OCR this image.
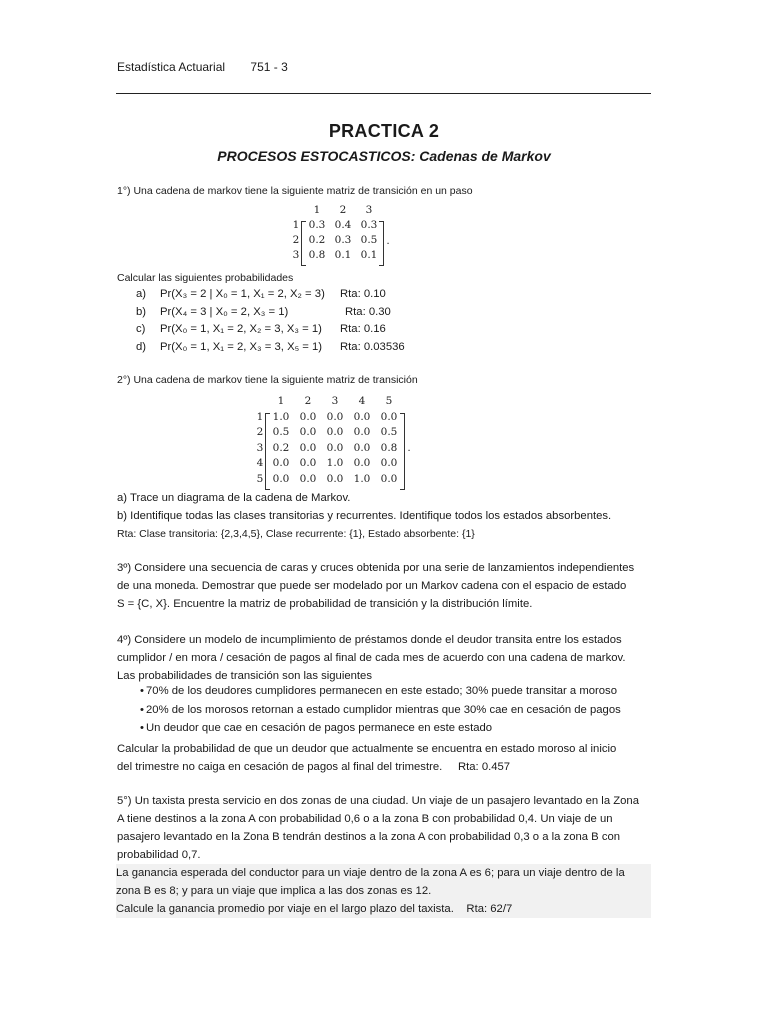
Estadística Actuarial 751 - 3
PRACTICA 2
PROCESOS ESTOCASTICOS: Cadenas de Markov
1°) Una cadena de markov tiene la siguiente matriz de transición en un paso
1	2	3
1 0.3 0.4 0.3
2 0.2 0.3 0.5
3 0.8 0.1 0.1
.
Calcular las siguientes probabilidades
a) Pr(X₃ = 2 | X₀ = 1, X₁ = 2, X₂ = 3) Rta: 0.10
b) Pr(X₄ = 3 | X₀ = 2, X₃ = 1)	Rta: 0.30
c) Pr(X₀ = 1, X₁ = 2, X₂ = 3, X₃ = 1) Rta: 0.16
d) Pr(X₀ = 1, X₁ = 2, X₃ = 3, X₅ = 1) Rta: 0.03536
2°) Una cadena de markov tiene la siguiente matriz de transición
1	2	3	4	5
1 1.0 0.0 0.0 0.0 0.0
2 0.5 0.0 0.0 0.0 0.5
3 0.2 0.0 0.0 0.0 0.8
4 0.0 0.0 1.0 0.0 0.0
5 0.0 0.0 0.0 1.0 0.0
.
a) Trace un diagrama de la cadena de Markov.
b) Identifique todas las clases transitorias y recurrentes. Identifique todos los estados absorbentes.
Rta: Clase transitoria: {2,3,4,5}, Clase recurrente: {1}, Estado absorbente: {1}
3º) Considere una secuencia de caras y cruces obtenida por una serie de lanzamientos independientes
de una moneda. Demostrar que puede ser modelado por un Markov cadena con el espacio de estado
S = {C, X}. Encuentre la matriz de probabilidad de transición y la distribución límite.
4º) Considere un modelo de incumplimiento de préstamos donde el deudor transita entre los estados
cumplidor / en mora / cesación de pagos al final de cada mes de acuerdo con una cadena de markov.
Las probabilidades de transición son las siguientes
• 70% de los deudores cumplidores permanecen en este estado; 30% puede transitar a moroso
• 20% de los morosos retornan a estado cumplidor mientras que 30% cae en cesación de pagos
• Un deudor que cae en cesación de pagos permanece en este estado
Calcular la probabilidad de que un deudor que actualmente se encuentra en estado moroso al inicio
del trimestre no caiga en cesación de pagos al final del trimestre.     Rta: 0.457
5°) Un taxista presta servicio en dos zonas de una ciudad. Un viaje de un pasajero levantado en la Zona
A tiene destinos a la zona A con probabilidad 0,6 o a la zona B con probabilidad 0,4. Un viaje de un
pasajero levantado en la Zona B tendrán destinos a la zona A con probabilidad 0,3 o a la zona B con
probabilidad 0,7.
La ganancia esperada del conductor para un viaje dentro de la zona A es 6; para un viaje dentro de la
zona B es 8; y para un viaje que implica a las dos zonas es 12.
Calcule la ganancia promedio por viaje en el largo plazo del taxista.    Rta: 62/7
